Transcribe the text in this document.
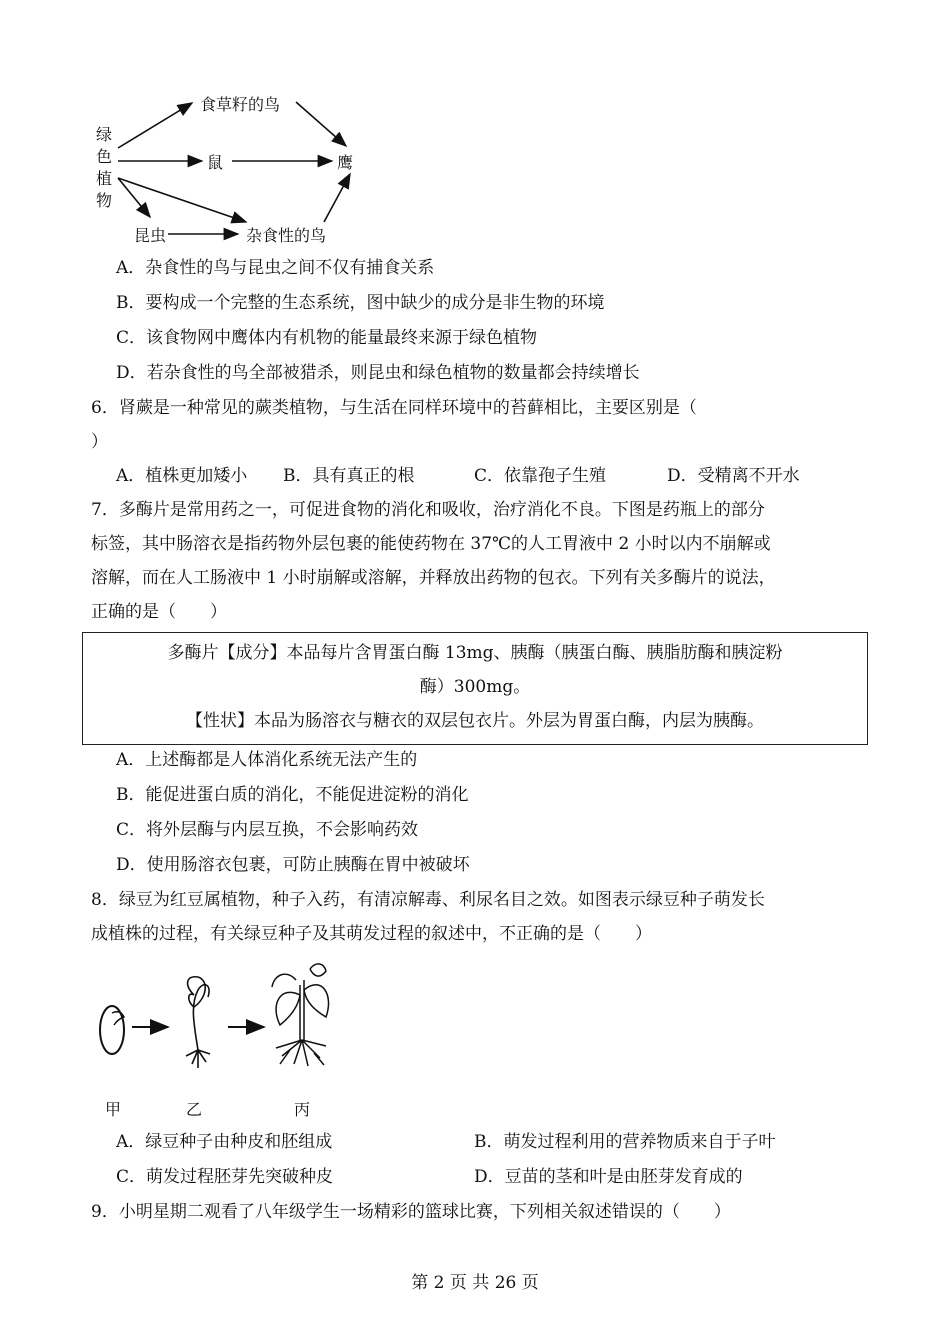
绿
色
植
物
食草籽的鸟
鼠	鹰
昆虫	杂食性的鸟
A．杂食性的鸟与昆虫之间不仅有捕食关系
B．要构成一个完整的生态系统，图中缺少的成分是非生物的环境
C．该食物网中鹰体内有机物的能量最终来源于绿色植物
D．若杂食性的鸟全部被猎杀，则昆虫和绿色植物的数量都会持续增长
6．肾蕨是一种常见的蕨类植物，与生活在同样环境中的苔藓相比，主要区别是（
）
A．植株更加矮小 B．具有真正的根	C．依靠孢子生殖	D．受精离不开水
7．多酶片是常用药之一，可促进食物的消化和吸收，治疗消化不良。下图是药瓶上的部分
标签，其中肠溶衣是指药物外层包裹的能使药物在 37℃的人工胃液中 2 小时以内不崩解或
溶解，而在人工肠液中 1 小时崩解或溶解，并释放出药物的包衣。下列有关多酶片的说法，
正确的是（　　）
多酶片【成分】本品每片含胃蛋白酶 13mg、胰酶（胰蛋白酶、胰脂肪酶和胰淀粉
酶）300mg。
【性状】本品为肠溶衣与糖衣的双层包衣片。外层为胃蛋白酶，内层为胰酶。
A．上述酶都是人体消化系统无法产生的
B．能促进蛋白质的消化，不能促进淀粉的消化
C．将外层酶与内层互换，不会影响药效
D．使用肠溶衣包裹，可防止胰酶在胃中被破坏
8．绿豆为红豆属植物，种子入药，有清凉解毒、利尿名目之效。如图表示绿豆种子萌发长
成植株的过程，有关绿豆种子及其萌发过程的叙述中，不正确的是（　　）
甲	乙	丙
A．绿豆种子由种皮和胚组成	B．萌发过程利用的营养物质来自于子叶
C．萌发过程胚芽先突破种皮	D．豆苗的茎和叶是由胚芽发育成的
9．小明星期二观看了八年级学生一场精彩的篮球比赛，下列相关叙述错误的（　　）
第 2 页 共 26 页
